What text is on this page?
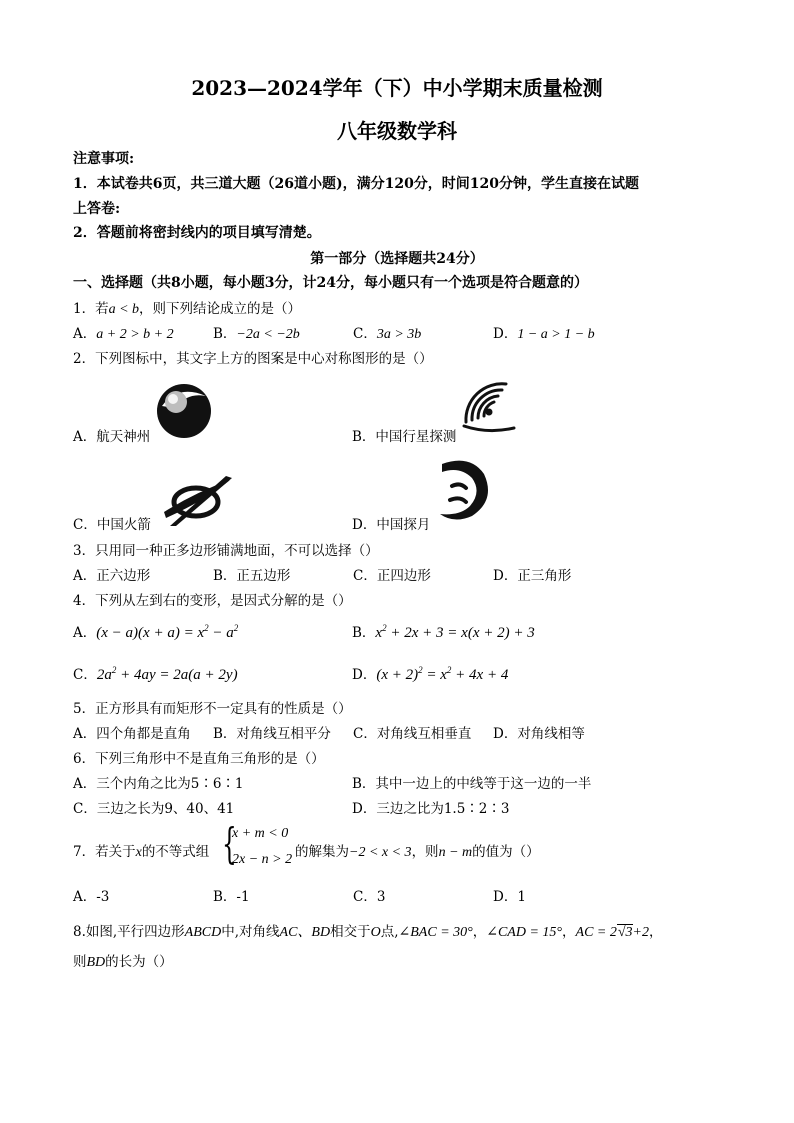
2023—2024学年（下）中小学期末质量检测
八年级数学科
注意事项:
1．本试卷共6页，共三道大题（26道小题)，满分120分，时间120分钟，学生直接在试题
上答卷:
2．答题前将密封线内的项目填写清楚。
第一部分（选择题共24分）
一、选择题（共8小题，每小题3分，计24分，每小题只有一个选项是符合题意的）
1．若a < b，则下列结论成立的是（）
A．a + 2 > b + 2	B．−2a < −2b	C．3a > 3b	D．1 − a > 1 − b
2．下列图标中，其文字上方的图案是中心对称图形的是（）
A．航天神州	B．中国行星探测
C．中国火箭	D．中国探月
3．只用同一种正多边形铺满地面，不可以选择（）
A．正六边形	B．正五边形	C．正四边形	D．正三角形
4．下列从左到右的变形，是因式分解的是（）
A．$(x - a)(x + a) = x^2 - a^2$	B．$x^2 + 2x + 3 = x(x + 2) + 3$
C．$2a^2 + 4ay = 2a(a + 2y)$	D．$(x + 2)^2 = x^2 + 4x + 4$
5．正方形具有而矩形不一定具有的性质是（）
A．四个角都是直角 B．对角线互相平分 C．对角线互相垂直 D．对角线相等
6．下列三角形中不是直角三角形的是（）
A．三个内角之比为5∶6∶1	B．其中一边上的中线等于这一边的一半
C．三边之长为9、40、41	D．三边之比为1.5∶2∶3
7．若关于x的不等式组 {
x + m < 0
2x − n > 2 的解集为−2 < x < 3，则n − m的值为（）
A．-3	B．-1	C．3	D．1
8.如图,平行四边形ABCD中,对角线AC、BD相交于O点,∠BAC = 30°，∠CAD = 15°，AC = 2√3+2，
则BD的长为（）
